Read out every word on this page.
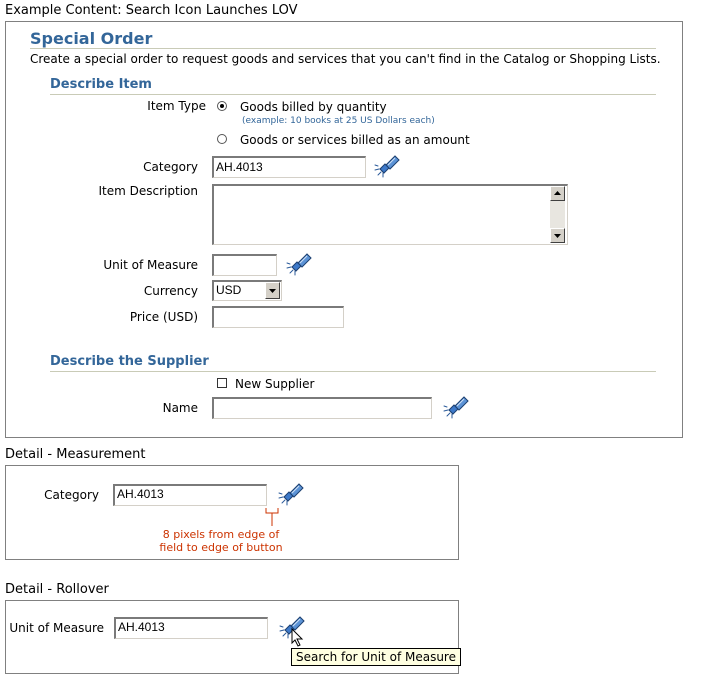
Example Content: Search Icon Launches LOV
Special Order
Create a special order to request goods and services that you can't find in the Catalog or Shopping Lists.
Describe Item
Item Type	Goods billed by quantity
(example: 10 books at 25 US Dollars each)
Goods or services billed as an amount
Category	AH.4013
Item Description
Unit of Measure
Currency	USD
Price (USD)
Describe the Supplier
New Supplier
Name
Detail - Measurement
Category	AH.4013
8 pixels from edge of
field to edge of button
Detail - Rollover
Unit of Measure	AH.4013
Search for Unit of Measure
